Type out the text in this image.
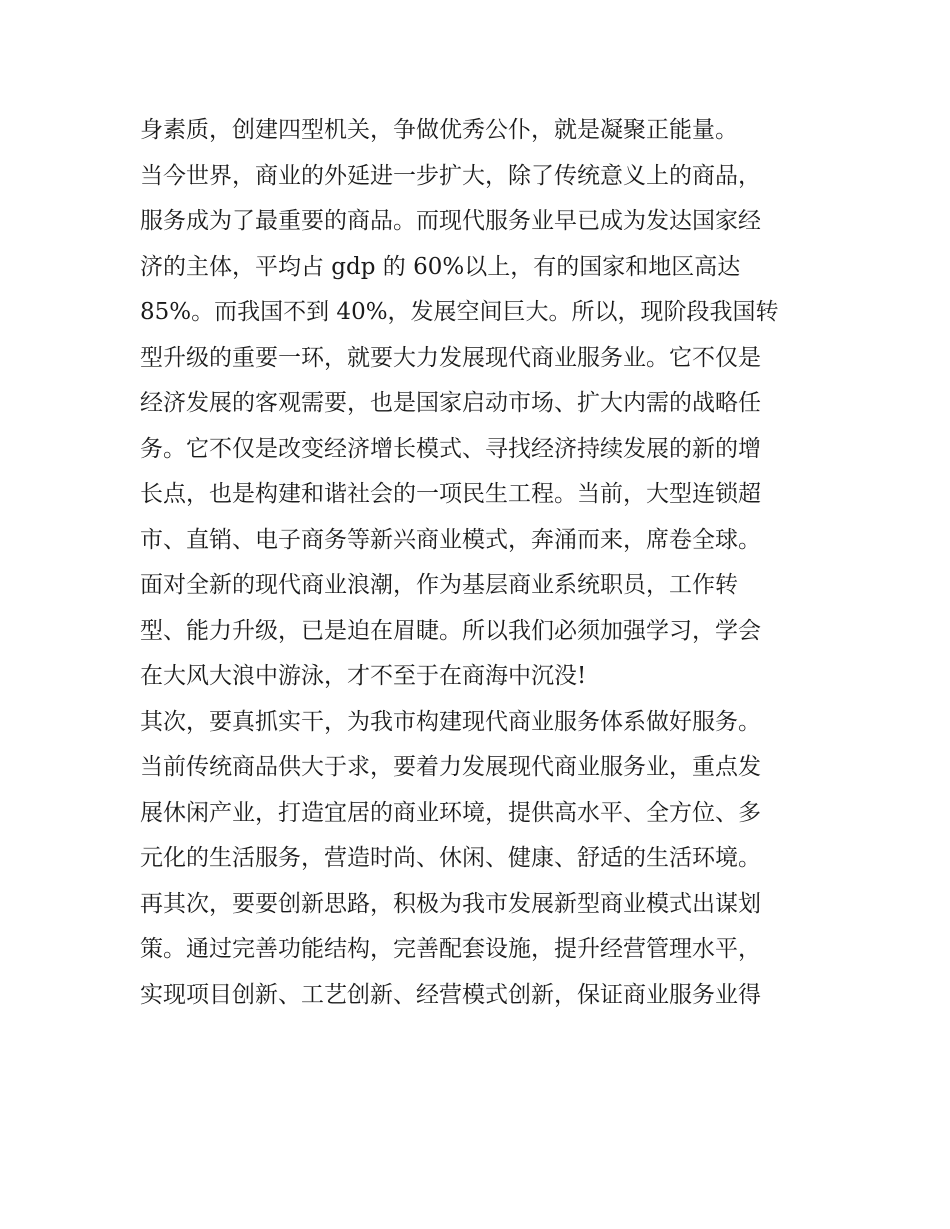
身素质，创建四型机关，争做优秀公仆，就是凝聚正能量。
当今世界，商业的外延进一步扩大，除了传统意义上的商品，
服务成为了最重要的商品。而现代服务业早已成为发达国家经
济的主体，平均占 gdp 的 60%以上，有的国家和地区高达
85%。而我国不到 40%，发展空间巨大。所以，现阶段我国转
型升级的重要一环，就要大力发展现代商业服务业。它不仅是
经济发展的客观需要，也是国家启动市场、扩大内需的战略任
务。它不仅是改变经济增长模式、寻找经济持续发展的新的增
长点，也是构建和谐社会的一项民生工程。当前，大型连锁超
市、直销、电子商务等新兴商业模式，奔涌而来，席卷全球。
面对全新的现代商业浪潮，作为基层商业系统职员，工作转
型、能力升级，已是迫在眉睫。所以我们必须加强学习，学会
在大风大浪中游泳，才不至于在商海中沉没!
其次，要真抓实干，为我市构建现代商业服务体系做好服务。
当前传统商品供大于求，要着力发展现代商业服务业，重点发
展休闲产业，打造宜居的商业环境，提供高水平、全方位、多
元化的生活服务，营造时尚、休闲、健康、舒适的生活环境。
再其次，要要创新思路，积极为我市发展新型商业模式出谋划
策。通过完善功能结构，完善配套设施，提升经营管理水平，
实现项目创新、工艺创新、经营模式创新，保证商业服务业得
